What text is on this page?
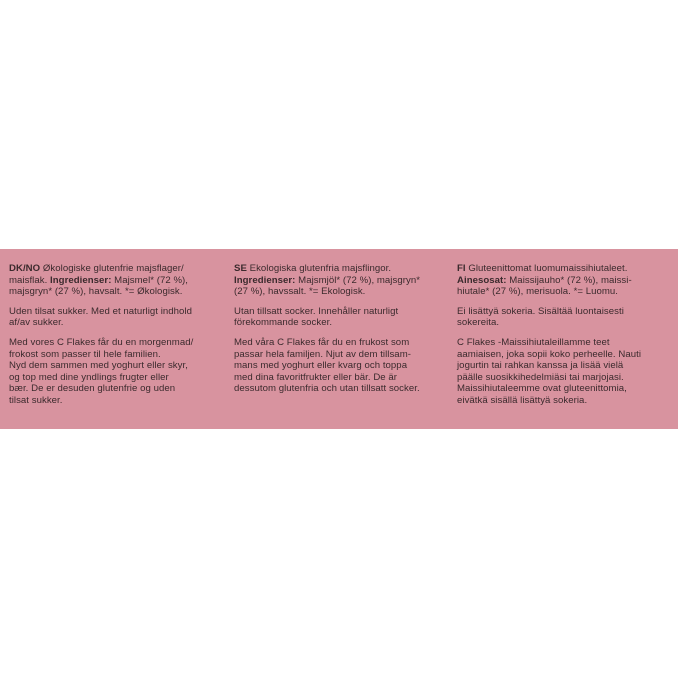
DK/NO Økologiske glutenfrie majsflager/
maisflak. Ingredienser: Majsmel* (72 %),
majsgryn* (27 %), havsalt. *= Økologisk.

Uden tilsat sukker. Med et naturligt indhold
af/av sukker.

Med vores C Flakes får du en morgenmad/
frokost som passer til hele familien.
Nyd dem sammen med yoghurt eller skyr,
og top med dine yndlings frugter eller
bær. De er desuden glutenfrie og uden
tilsat sukker.

SE Ekologiska glutenfria majsflingor.
Ingredienser: Majsmjöl* (72 %), majsgryn*
(27 %), havssalt. *= Ekologisk.

Utan tillsatt socker. Innehåller naturligt
förekommande socker.

Med våra C Flakes får du en frukost som
passar hela familjen. Njut av dem tillsam-
mans med yoghurt eller kvarg och toppa
med dina favoritfrukter eller bär. De är
dessutom glutenfria och utan tillsatt socker.

FI Gluteenittomat luomumaissihiutaleet.
Ainesosat: Maissijauho* (72 %), maissi-
hiutale* (27 %), merisuola. *= Luomu.

Ei lisättyä sokeria. Sisältää luontaisesti
sokereita.

C Flakes -Maissihiutaleillamme teet
aamiaisen, joka sopii koko perheelle. Nauti
jogurtin tai rahkan kanssa ja lisää vielä
päälle suosikkihedelmiäsi tai marjojasi.
Maissihiutaleemme ovat gluteenittomia,
eivätkä sisällä lisättyä sokeria.
